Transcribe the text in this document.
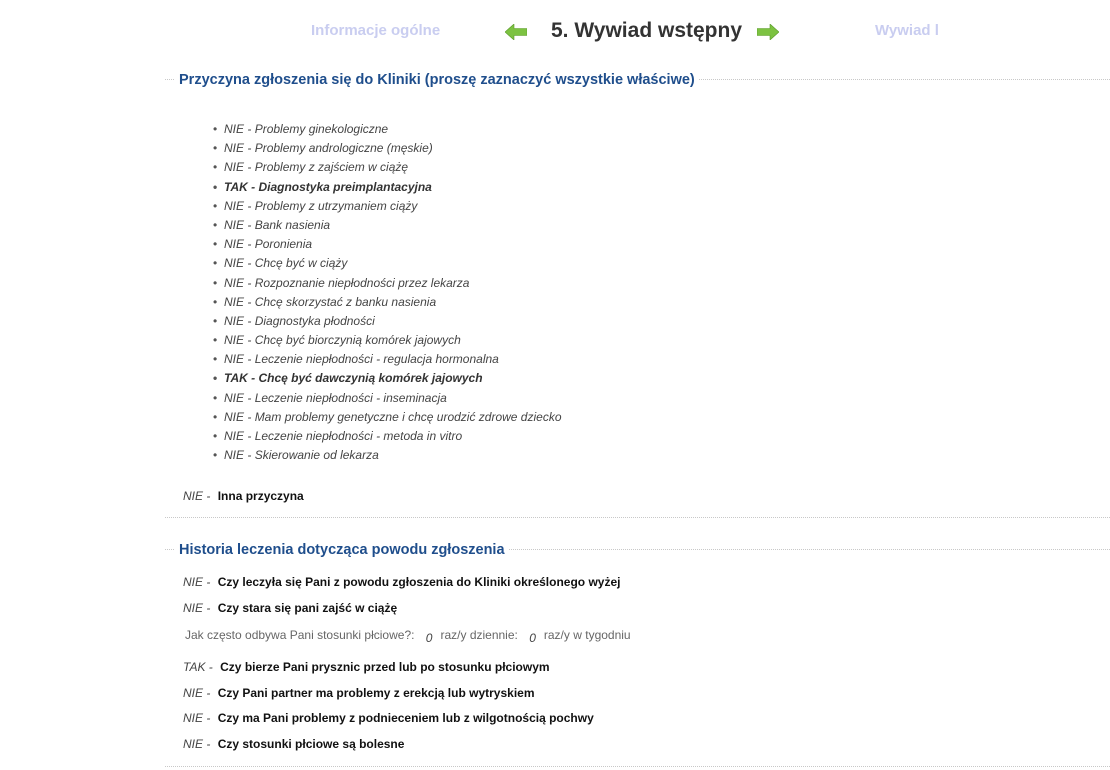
Informacje ogólne	5. Wywiad wstępny	Wywiad l
Przyczyna zgłoszenia się do Kliniki (proszę zaznaczyć wszystkie właściwe)
• NIE - Problemy ginekologiczne
• NIE - Problemy andrologiczne (męskie)
• NIE - Problemy z zajściem w ciążę
• TAK - Diagnostyka preimplantacyjna
• NIE - Problemy z utrzymaniem ciąży
• NIE - Bank nasienia
• NIE - Poronienia
• NIE - Chcę być w ciąży
• NIE - Rozpoznanie niepłodności przez lekarza
• NIE - Chcę skorzystać z banku nasienia
• NIE - Diagnostyka płodności
• NIE - Chcę być biorczynią komórek jajowych
• NIE - Leczenie niepłodności - regulacja hormonalna
• TAK - Chcę być dawczynią komórek jajowych
• NIE - Leczenie niepłodności - inseminacja
• NIE - Mam problemy genetyczne i chcę urodzić zdrowe dziecko
• NIE - Leczenie niepłodności - metoda in vitro
• NIE - Skierowanie od lekarza
NIE - Inna przyczyna
Historia leczenia dotycząca powodu zgłoszenia
NIE - Czy leczyła się Pani z powodu zgłoszenia do Kliniki określonego wyżej
NIE - Czy stara się pani zajść w ciążę
Jak często odbywa Pani stosunki płciowe?: 0 raz/y dziennie: 0 raz/y w tygodniu
TAK - Czy bierze Pani prysznic przed lub po stosunku płciowym
NIE - Czy Pani partner ma problemy z erekcją lub wytryskiem
NIE - Czy ma Pani problemy z podnieceniem lub z wilgotnością pochwy
NIE - Czy stosunki płciowe są bolesne
